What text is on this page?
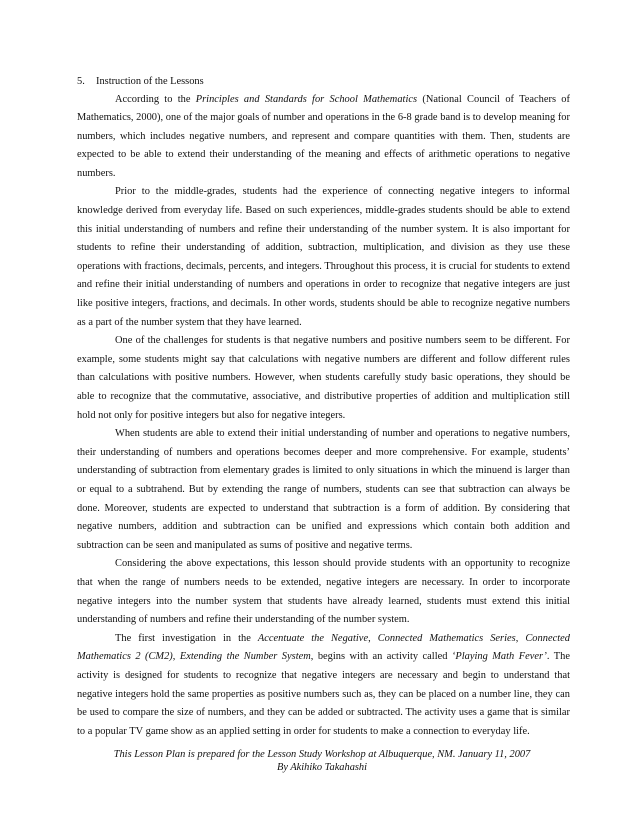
5. Instruction of the Lessons

According to the Principles and Standards for School Mathematics (National Council of Teachers of Mathematics, 2000), one of the major goals of number and operations in the 6-8 grade band is to develop meaning for numbers, which includes negative numbers, and represent and compare quantities with them. Then, students are expected to be able to extend their understanding of the meaning and effects of arithmetic operations to negative numbers.

Prior to the middle-grades, students had the experience of connecting negative integers to informal knowledge derived from everyday life. Based on such experiences, middle-grades students should be able to extend this initial understanding of numbers and refine their understanding of the number system. It is also important for students to refine their understanding of addition, subtraction, multiplication, and division as they use these operations with fractions, decimals, percents, and integers. Throughout this process, it is crucial for students to extend and refine their initial understanding of numbers and operations in order to recognize that negative integers are just like positive integers, fractions, and decimals. In other words, students should be able to recognize negative numbers as a part of the number system that they have learned.

One of the challenges for students is that negative numbers and positive numbers seem to be different. For example, some students might say that calculations with negative numbers are different and follow different rules than calculations with positive numbers. However, when students carefully study basic operations, they should be able to recognize that the commutative, associative, and distributive properties of addition and multiplication still hold not only for positive integers but also for negative integers.

When students are able to extend their initial understanding of number and operations to negative numbers, their understanding of numbers and operations becomes deeper and more comprehensive. For example, students’ understanding of subtraction from elementary grades is limited to only situations in which the minuend is larger than or equal to a subtrahend. But by extending the range of numbers, students can see that subtraction can always be done. Moreover, students are expected to understand that subtraction is a form of addition. By considering that negative numbers, addition and subtraction can be unified and expressions which contain both addition and subtraction can be seen and manipulated as sums of positive and negative terms.

Considering the above expectations, this lesson should provide students with an opportunity to recognize that when the range of numbers needs to be extended, negative integers are necessary. In order to incorporate negative integers into the number system that students have already learned, students must extend this initial understanding of numbers and refine their understanding of the number system.

The first investigation in the Accentuate the Negative, Connected Mathematics Series, Connected Mathematics 2 (CM2), Extending the Number System, begins with an activity called ‘Playing Math Fever’. The activity is designed for students to recognize that negative integers are necessary and begin to understand that negative integers hold the same properties as positive numbers such as, they can be placed on a number line, they can be used to compare the size of numbers, and they can be added or subtracted. The activity uses a game that is similar to a popular TV game show as an applied setting in order for students to make a connection to everyday life.

This Lesson Plan is prepared for the Lesson Study Workshop at Albuquerque, NM. January 11, 2007
By Akihiko Takahashi
